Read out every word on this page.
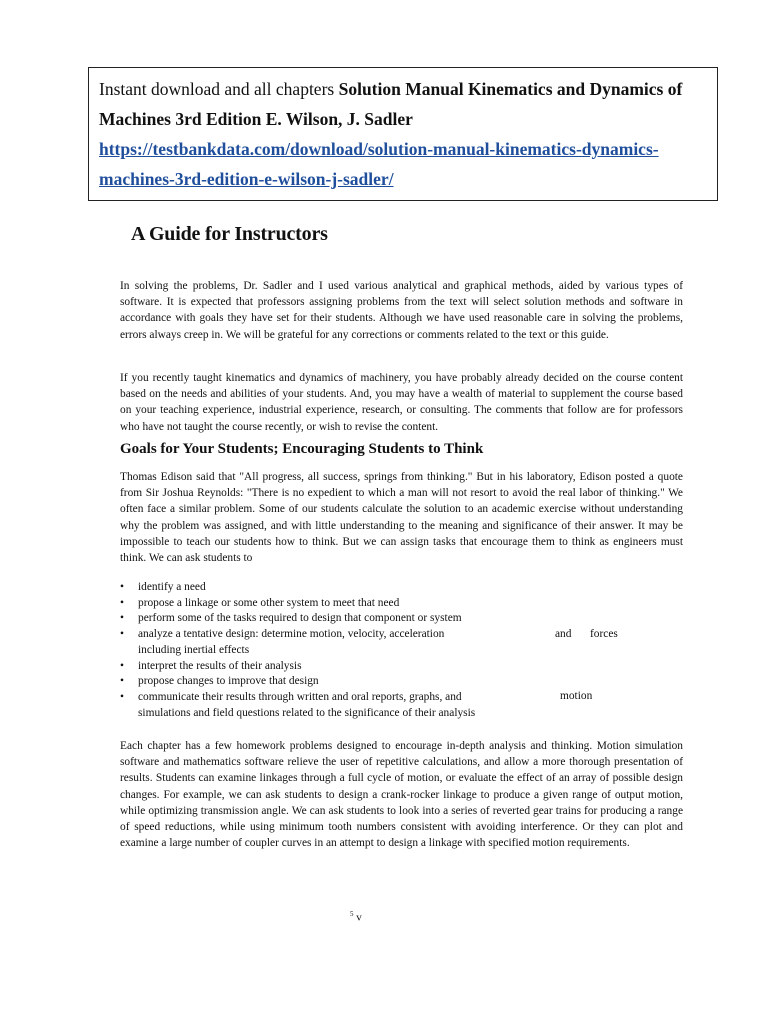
Instant download and all chapters Solution Manual Kinematics and Dynamics of Machines 3rd Edition E. Wilson, J. Sadler
https://testbankdata.com/download/solution-manual-kinematics-dynamics-
machines-3rd-edition-e-wilson-j-sadler/
A Guide for Instructors

In solving the problems, Dr. Sadler and I used various analytical and graphical methods, aided by various types of software. It is expected that professors assigning problems from the text will select solution methods and software in accordance with goals they have set for their students. Although we have used reasonable care in solving the problems, errors always creep in. We will be grateful for any corrections or comments related to the text or this guide.

If you recently taught kinematics and dynamics of machinery, you have probably already decided on the course content based on the needs and abilities of your students. And, you may have a wealth of material to supplement the course based on your teaching experience, industrial experience, research, or consulting. The comments that follow are for professors who have not taught the course recently, or wish to revise the content.

Goals for Your Students; Encouraging Students to Think

Thomas Edison said that "All progress, all success, springs from thinking." But in his laboratory, Edison posted a quote from Sir Joshua Reynolds: "There is no expedient to which a man will not resort to avoid the real labor of thinking." We often face a similar problem. Some of our students calculate the solution to an academic exercise without understanding why the problem was assigned, and with little understanding to the meaning and significance of their answer. It may be impossible to teach our students how to think. But we can assign tasks that encourage them to think as engineers must think. We can ask students to

• identify a need
• propose a linkage or some other system to meet that need
• perform some of the tasks required to design that component or system
• analyze a tentative design: determine motion, velocity, acceleration
including inertial effects
• interpret the results of their analysis
• propose changes to improve that design
• communicate their results through written and oral reports, graphs, and
simulations and field questions related to the significance of their analysis
and forces
motion

Each chapter has a few homework problems designed to encourage in-depth analysis and thinking. Motion simulation software and mathematics software relieve the user of repetitive calculations, and allow a more thorough presentation of results. Students can examine linkages through a full cycle of motion, or evaluate the effect of an array of possible design changes. For example, we can ask students to design a crank-rocker linkage to produce a given range of output motion, while optimizing transmission angle. We can ask students to look into a series of reverted gear trains for producing a range of speed reductions, while using minimum tooth numbers consistent with avoiding interference. Or they can plot and examine a large number of coupler curves in an attempt to design a linkage with specified motion requirements.

$^5$ v
